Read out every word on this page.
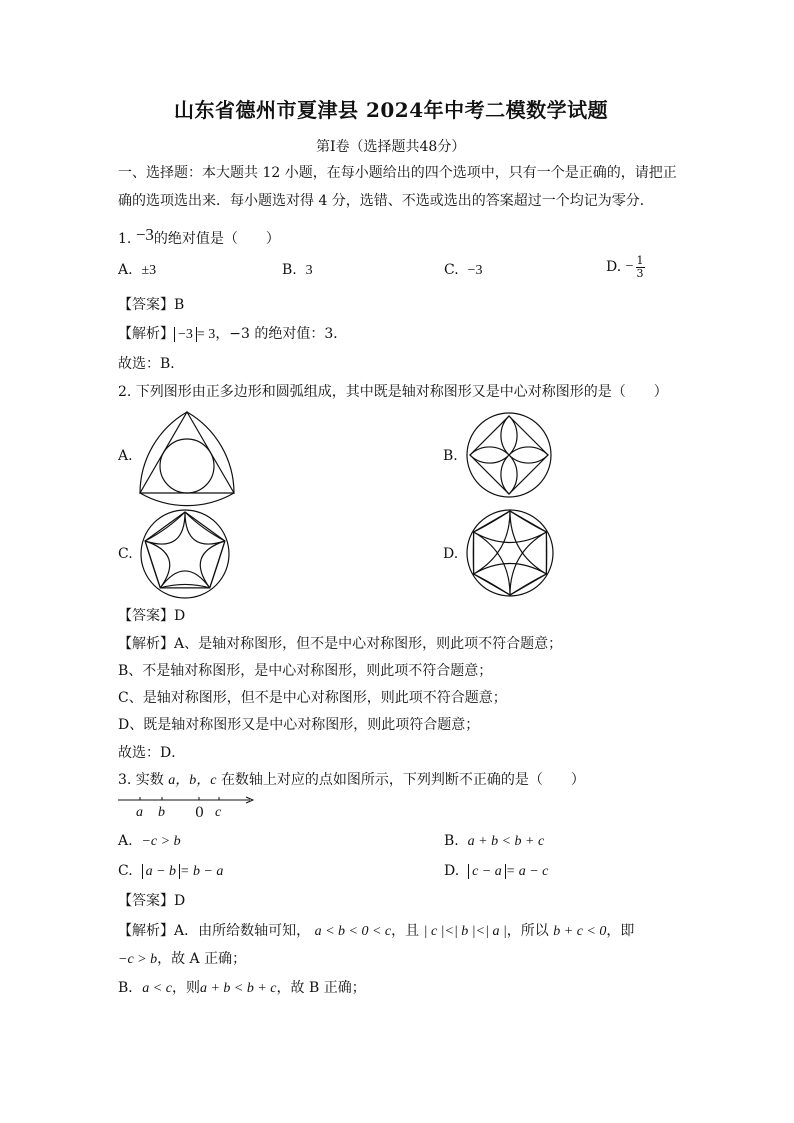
山东省德州市夏津县 2024年中考二模数学试题
第Ⅰ卷（选择题共48分）
一、选择题：本大题共 12 小题，在每小题给出的四个选项中，只有一个是正确的，请把正
确的选项选出来．每小题选对得 4 分，选错、不选或选出的答案超过一个均记为零分．
1. −3的绝对值是（　　）
A. ±3	B. 3	C. −3	D. − $\frac{1}{3}$
【答案】B
【解析】 −3 = 3，−3 的绝对值：3．
故选：B．
2. 下列图形由正多边形和圆弧组成，其中既是轴对称图形又是中心对称图形的是（　　）
A.	B.
C.	D.
【答案】D
【解析】A、是轴对称图形，但不是中心对称图形，则此项不符合题意；
B、不是轴对称图形，是中心对称图形，则此项不符合题意；
C、是轴对称图形，但不是中心对称图形，则此项不符合题意；
D、既是轴对称图形又是中心对称图形，则此项符合题意；
故选：D．
3. 实数 a，b，c 在数轴上对应的点如图所示，下列判断不正确的是（　　）
a b 0 c
A. −c > b	B. a + b < b + c
C. a − b = b − a	D. c − a = a − c
【答案】D
【解析】A．由所给数轴可知， a < b < 0 < c，且 | c |<| b |<| a |，所以 b + c < 0，即
−c > b，故 A 正确；
B．a < c，则a + b < b + c，故 B 正确；
